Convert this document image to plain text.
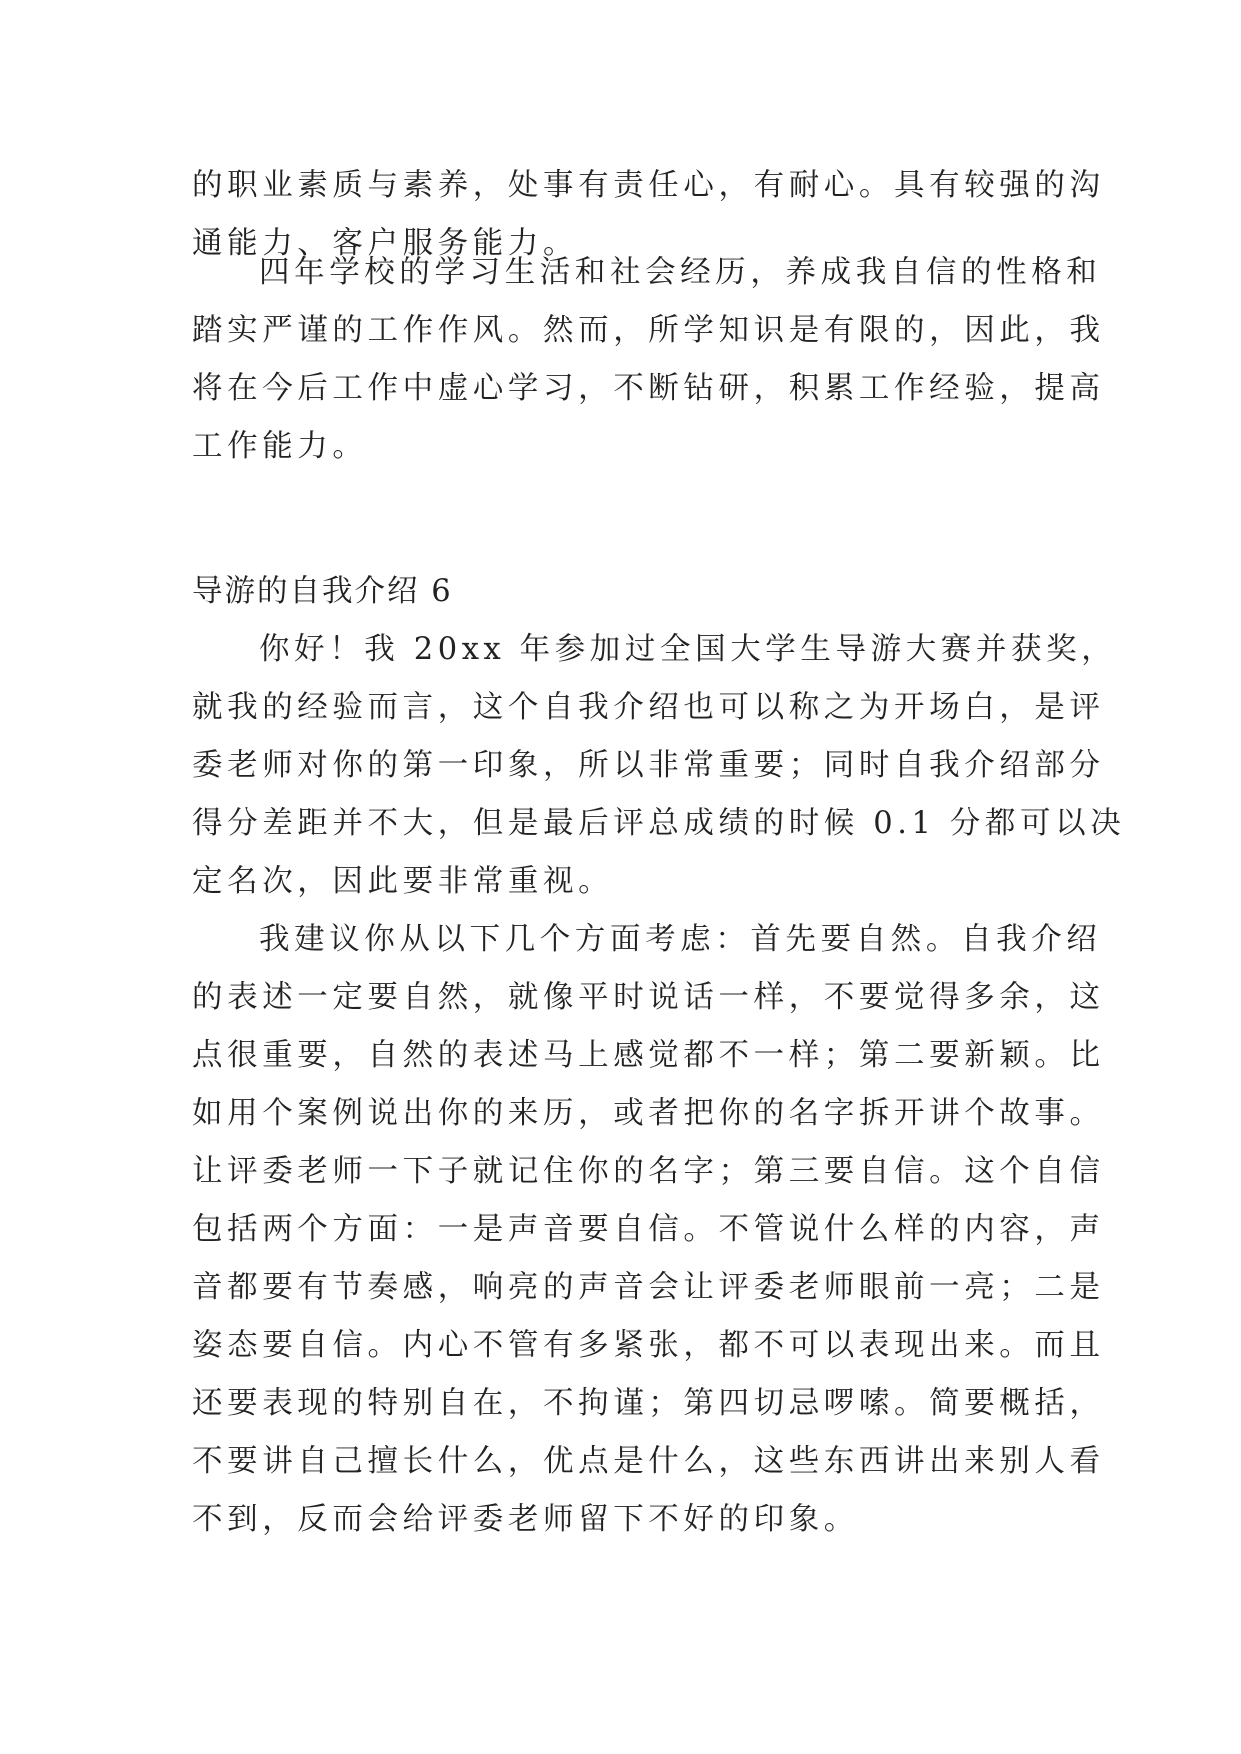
的职业素质与素养，处事有责任心，有耐心。具有较强的沟
通能力、客户服务能力。
四年学校的学习生活和社会经历，养成我自信的性格和
踏实严谨的工作作风。然而，所学知识是有限的，因此，我
将在今后工作中虚心学习，不断钻研，积累工作经验，提高
工作能力。
导游的自我介绍 6
你好！我 20xx 年参加过全国大学生导游大赛并获奖，
就我的经验而言，这个自我介绍也可以称之为开场白，是评
委老师对你的第一印象，所以非常重要；同时自我介绍部分
得分差距并不大，但是最后评总成绩的时候 0.1 分都可以决
定名次，因此要非常重视。
我建议你从以下几个方面考虑：首先要自然。自我介绍
的表述一定要自然，就像平时说话一样，不要觉得多余，这
点很重要，自然的表述马上感觉都不一样；第二要新颖。比
如用个案例说出你的来历，或者把你的名字拆开讲个故事。
让评委老师一下子就记住你的名字；第三要自信。这个自信
包括两个方面：一是声音要自信。不管说什么样的内容，声
音都要有节奏感，响亮的声音会让评委老师眼前一亮；二是
姿态要自信。内心不管有多紧张，都不可以表现出来。而且
还要表现的特别自在，不拘谨；第四切忌啰嗦。简要概括，
不要讲自己擅长什么，优点是什么，这些东西讲出来别人看
不到，反而会给评委老师留下不好的印象。
